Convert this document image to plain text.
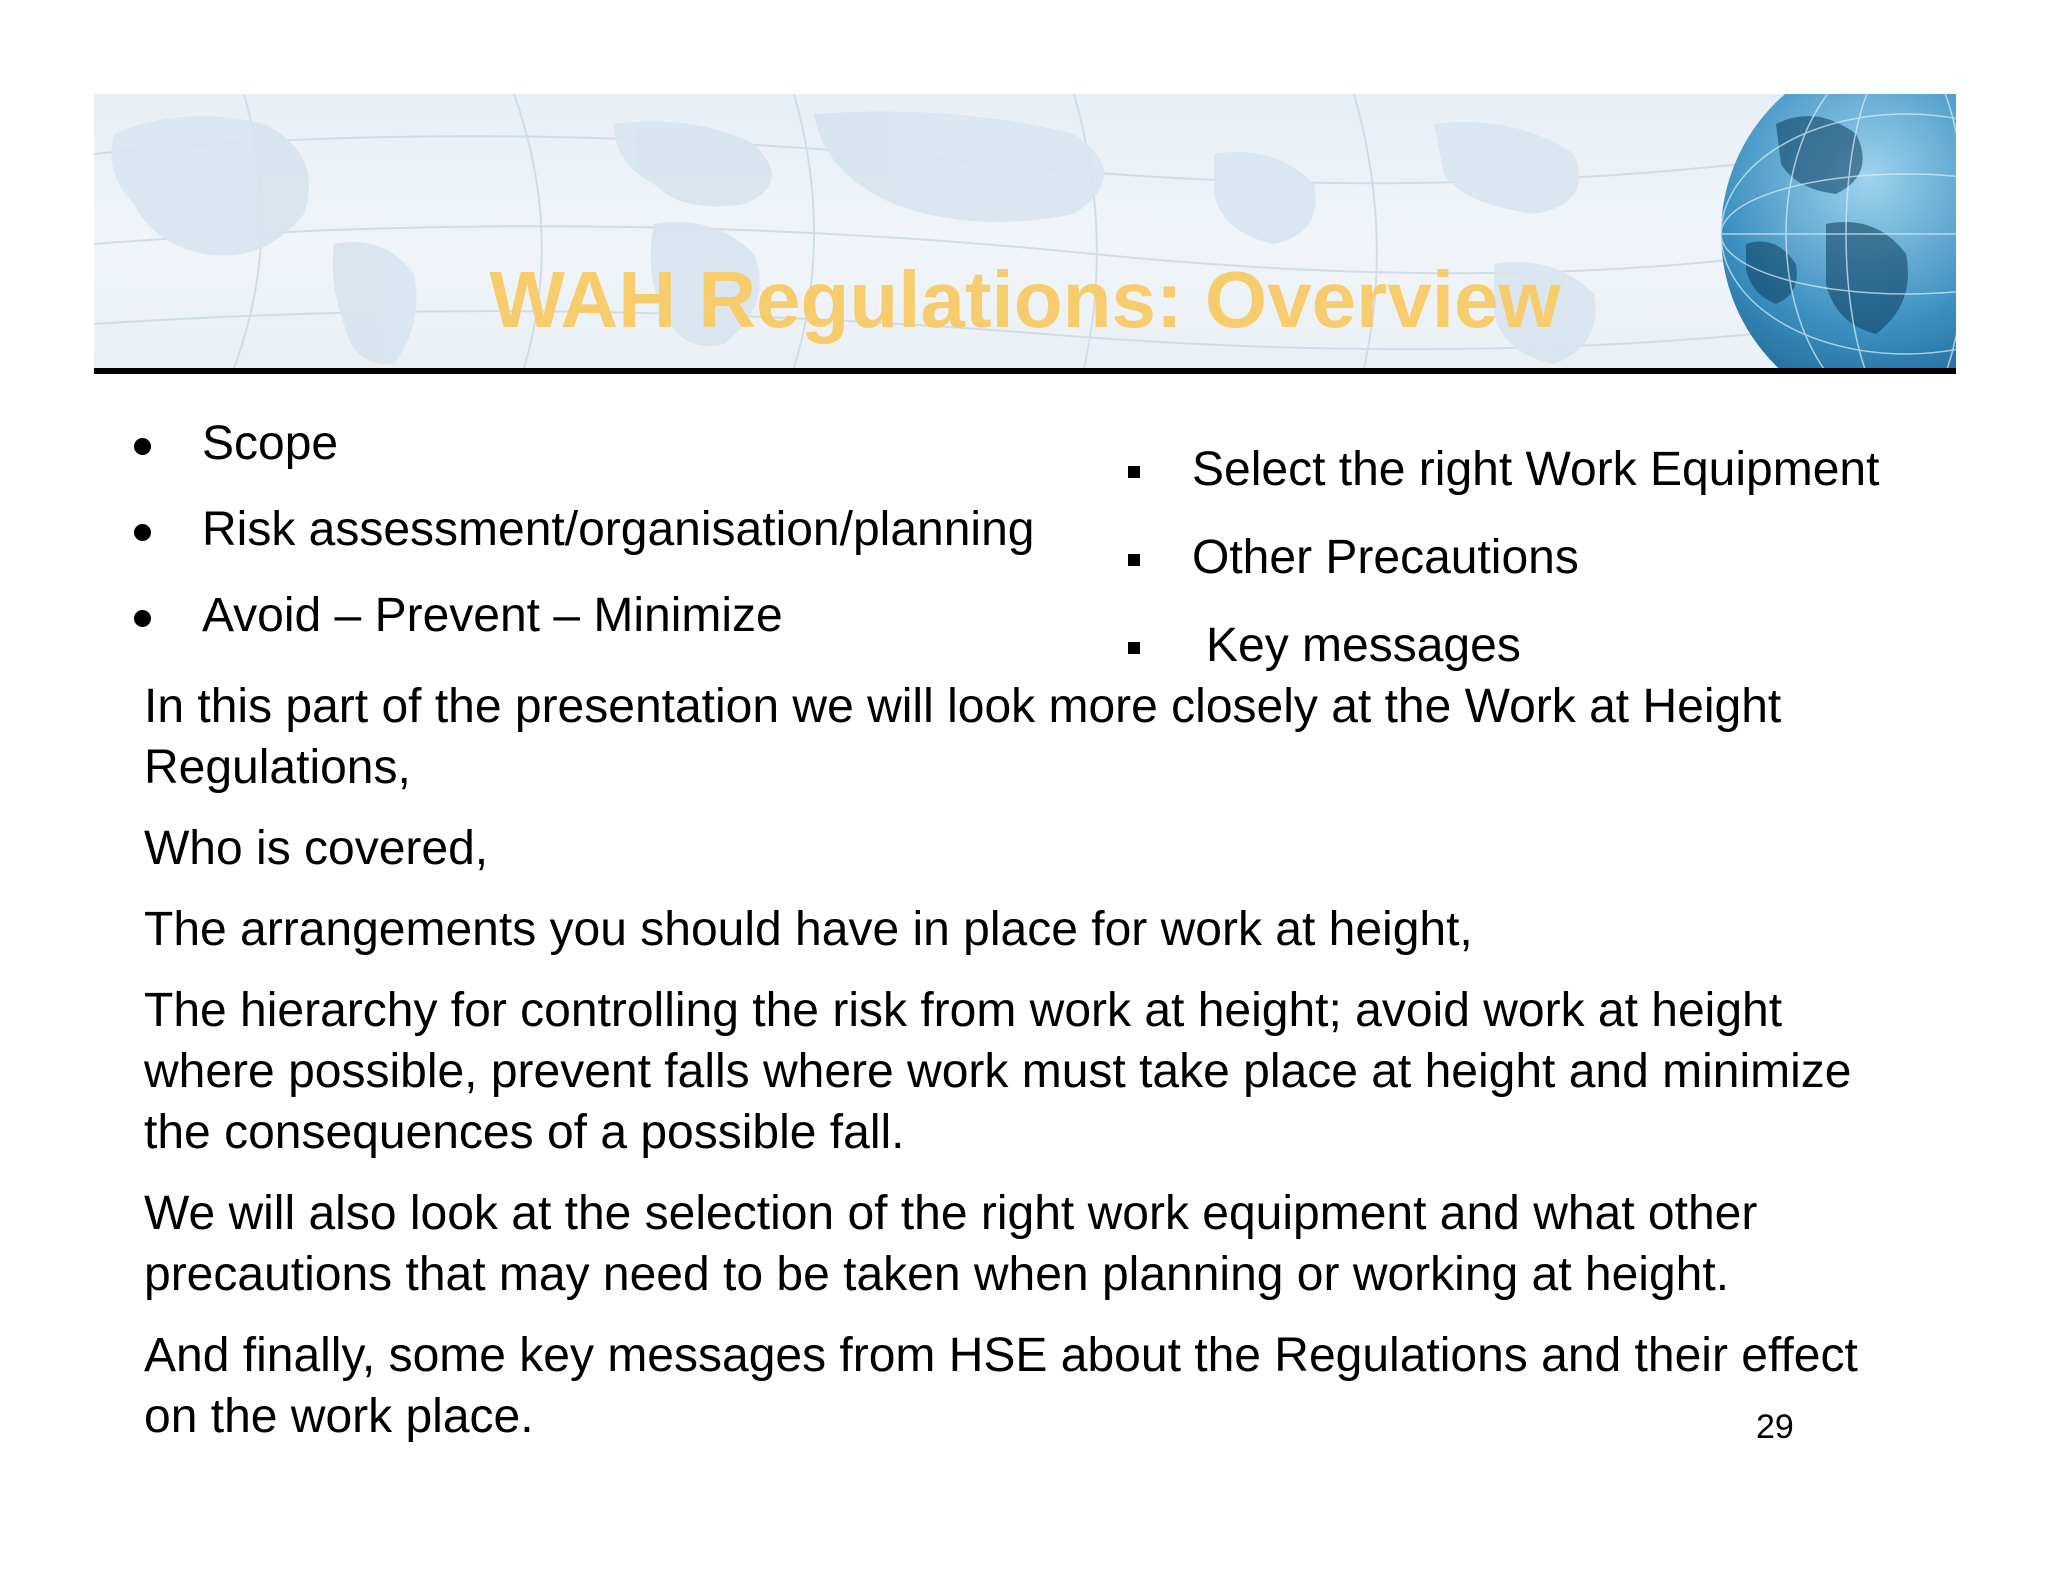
WAH Regulations: Overview
Scope
Risk assessment/organisation/planning
Avoid – Prevent – Minimize
Select the right Work Equipment
Other Precautions
Key messages

In this part of the presentation we will look more closely at the Work at Height Regulations,

Who is covered,

The arrangements you should have in place for work at height,

The hierarchy for controlling the risk from work at height; avoid work at height where possible, prevent falls where work must take place at height and minimize the consequences of a possible fall.

We will also look at the selection of the right work equipment and what other precautions that may need to be taken when planning or working at height.

And finally, some key messages from HSE about the Regulations and their effect on the work place.	29
